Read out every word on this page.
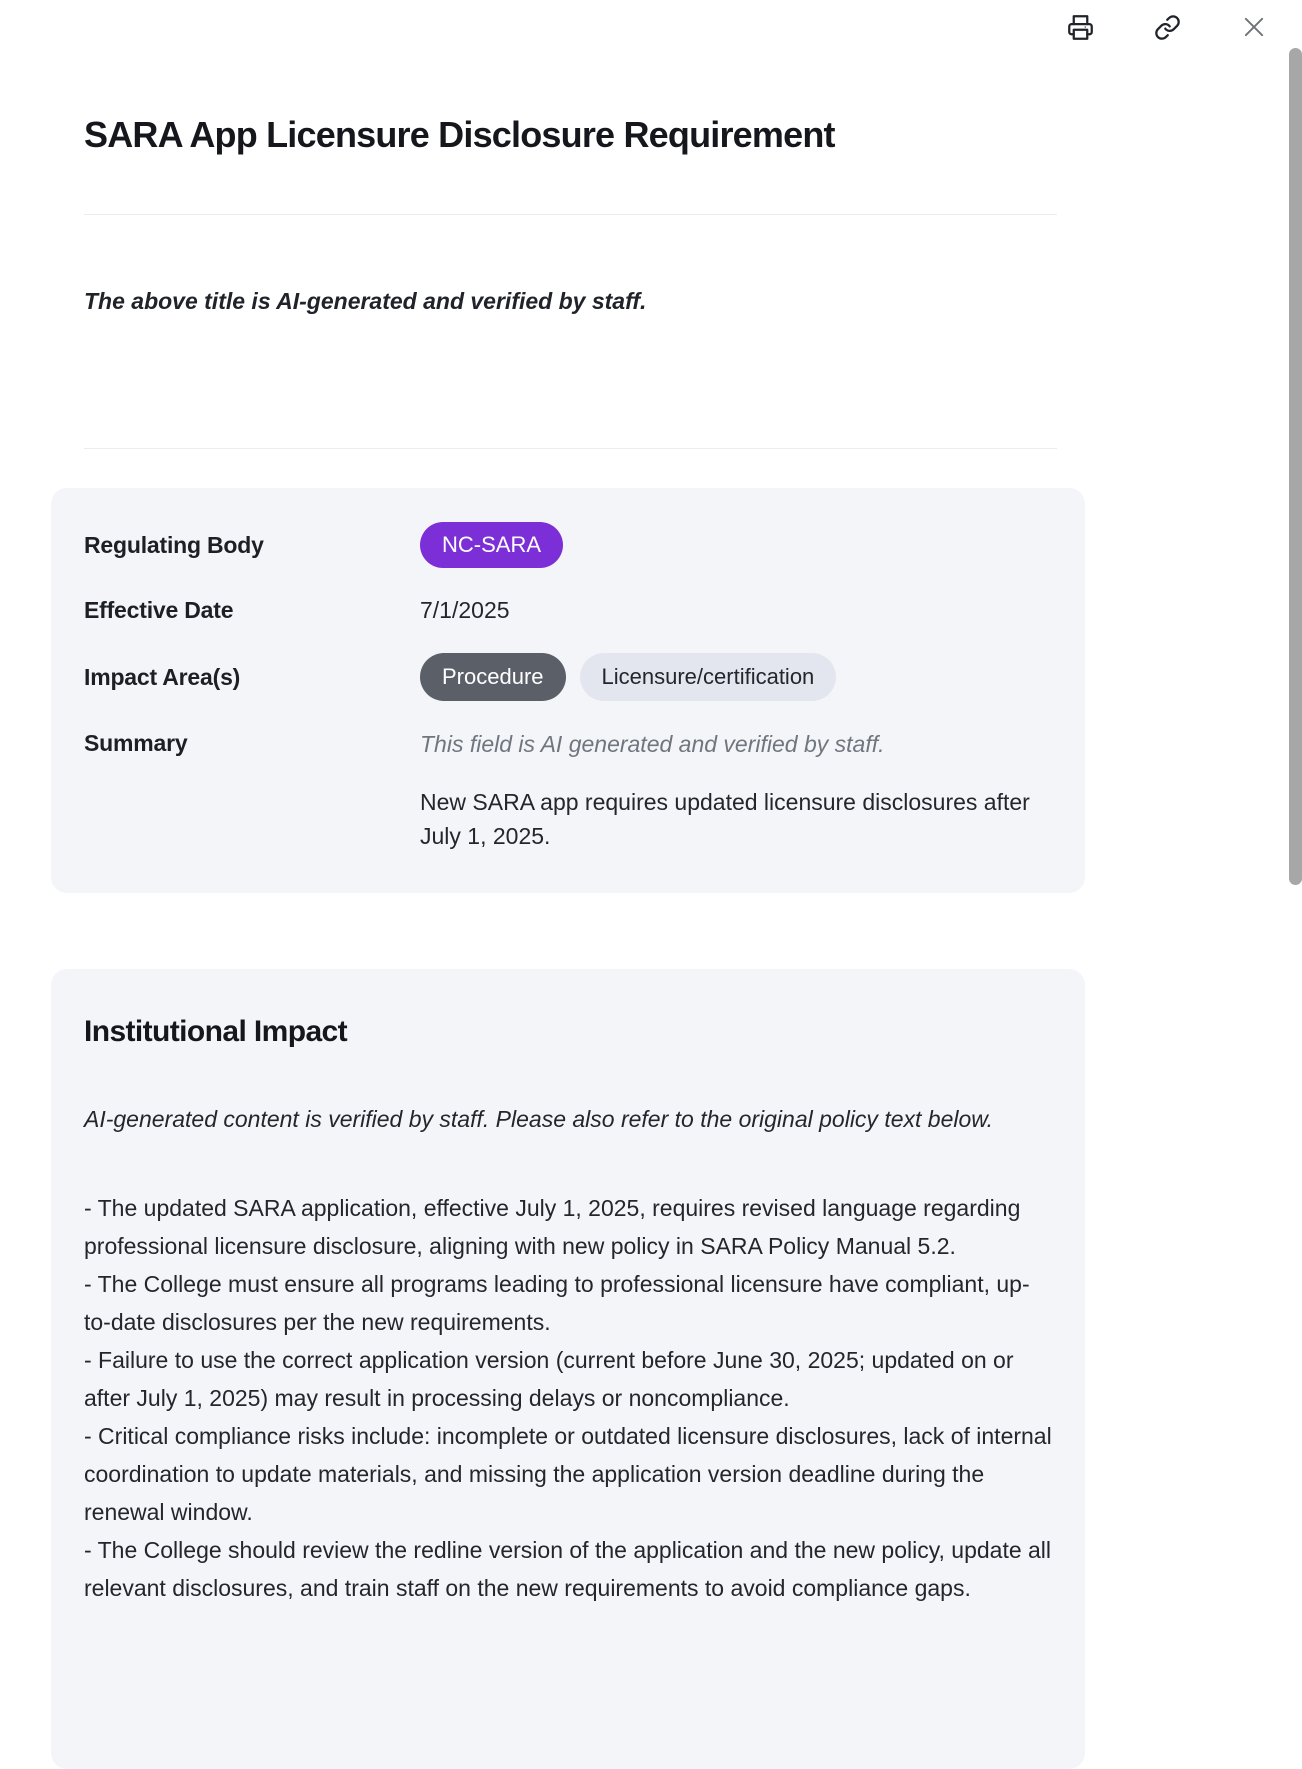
SARA App Licensure Disclosure Requirement

The above title is AI-generated and verified by staff.

Regulating Body	NC-SARA
Effective Date	7/1/2025
Impact Area(s)	Procedure	Licensure/certification
Summary	This field is AI generated and verified by staff.
New SARA app requires updated licensure disclosures after July 1, 2025.
Institutional Impact

AI-generated content is verified by staff. Please also refer to the original policy text below.

- The updated SARA application, effective July 1, 2025, requires revised language regarding professional licensure disclosure, aligning with new policy in SARA Policy Manual 5.2.
- The College must ensure all programs leading to professional licensure have compliant, up-to-date disclosures per the new requirements.
- Failure to use the correct application version (current before June 30, 2025; updated on or after July 1, 2025) may result in processing delays or noncompliance.
- Critical compliance risks include: incomplete or outdated licensure disclosures, lack of internal coordination to update materials, and missing the application version deadline during the renewal window.
- The College should review the redline version of the application and the new policy, update all relevant disclosures, and train staff on the new requirements to avoid compliance gaps.
